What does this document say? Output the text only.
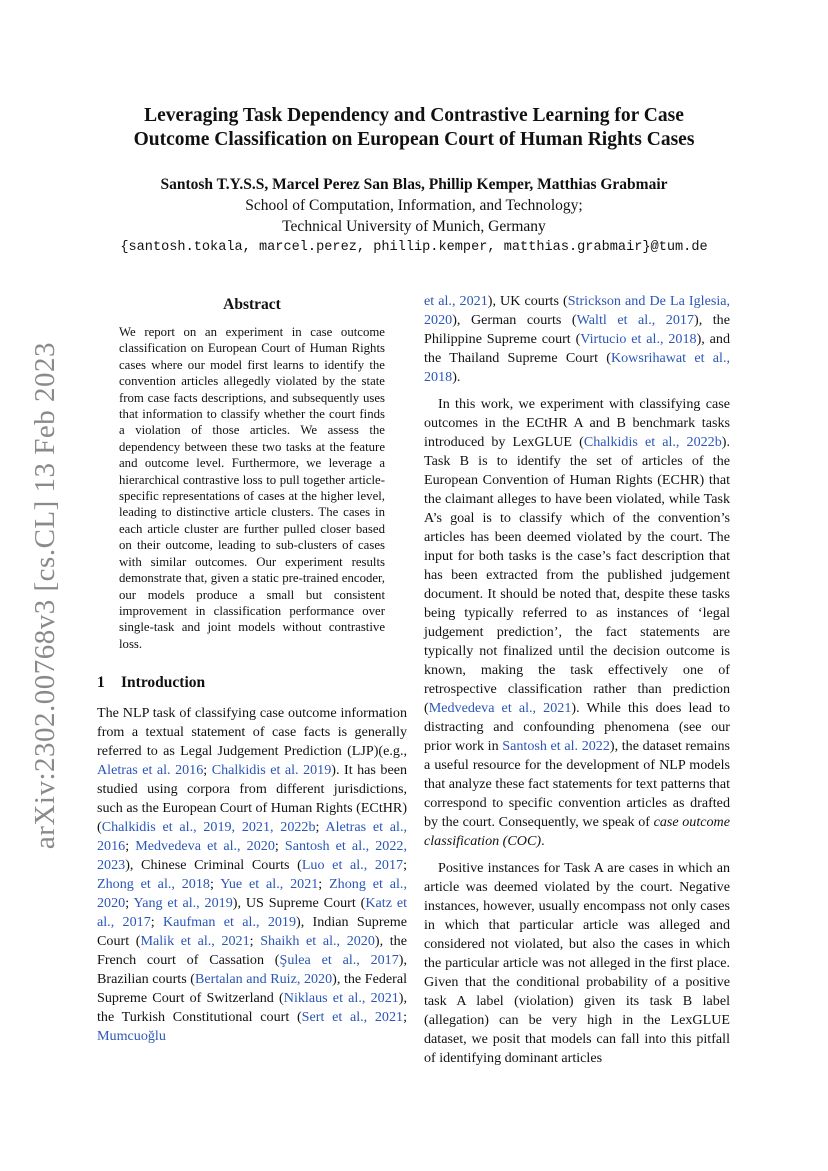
arXiv:2302.00768v3 [cs.CL] 13 Feb 2023
Leveraging Task Dependency and Contrastive Learning for Case
Outcome Classification on European Court of Human Rights Cases
Santosh T.Y.S.S, Marcel Perez San Blas, Phillip Kemper, Matthias Grabmair
School of Computation, Information, and Technology;
Technical University of Munich, Germany
{santosh.tokala, marcel.perez, phillip.kemper, matthias.grabmair}@tum.de
Abstract

We report on an experiment in case outcome classification on European Court of Human Rights cases where our model first learns to identify the convention articles allegedly violated by the state from case facts descriptions, and subsequently uses that information to classify whether the court finds a violation of those articles. We assess the dependency between these two tasks at the feature and outcome level. Furthermore, we leverage a hierarchical contrastive loss to pull together article-specific representations of cases at the higher level, leading to distinctive article clusters. The cases in each article cluster are further pulled closer based on their outcome, leading to sub-clusters of cases with similar outcomes. Our experiment results demonstrate that, given a static pre-trained encoder, our models produce a small but consistent improvement in classification performance over single-task and joint models without contrastive loss.

1 Introduction

The NLP task of classifying case outcome information from a textual statement of case facts is generally referred to as Legal Judgement Prediction (LJP)(e.g., Aletras et al. 2016; Chalkidis et al. 2019). It has been studied using corpora from different jurisdictions, such as the European Court of Human Rights (ECtHR) (Chalkidis et al., 2019, 2021, 2022b; Aletras et al., 2016; Medvedeva et al., 2020; Santosh et al., 2022, 2023), Chinese Criminal Courts (Luo et al., 2017; Zhong et al., 2018; Yue et al., 2021; Zhong et al., 2020; Yang et al., 2019), US Supreme Court (Katz et al., 2017; Kaufman et al., 2019), Indian Supreme Court (Malik et al., 2021; Shaikh et al., 2020), the French court of Cassation (Şulea et al., 2017), Brazilian courts (Bertalan and Ruiz, 2020), the Federal Supreme Court of Switzerland (Niklaus et al., 2021), the Turkish Constitutional court (Sert et al., 2021; Mumcuoğlu

et al., 2021), UK courts (Strickson and De La Iglesia, 2020), German courts (Waltl et al., 2017), the Philippine Supreme court (Virtucio et al., 2018), and the Thailand Supreme Court (Kowsrihawat et al., 2018).

In this work, we experiment with classifying case outcomes in the ECtHR A and B benchmark tasks introduced by LexGLUE (Chalkidis et al., 2022b). Task B is to identify the set of articles of the European Convention of Human Rights (ECHR) that the claimant alleges to have been violated, while Task A’s goal is to classify which of the convention’s articles has been deemed violated by the court. The input for both tasks is the case’s fact description that has been extracted from the published judgement document. It should be noted that, despite these tasks being typically referred to as instances of ‘legal judgement prediction’, the fact statements are typically not finalized until the decision outcome is known, making the task effectively one of retrospective classification rather than prediction (Medvedeva et al., 2021). While this does lead to distracting and confounding phenomena (see our prior work in Santosh et al. 2022), the dataset remains a useful resource for the development of NLP models that analyze these fact statements for text patterns that correspond to specific convention articles as drafted by the court. Consequently, we speak of case outcome classification (COC).

Positive instances for Task A are cases in which an article was deemed violated by the court. Negative instances, however, usually encompass not only cases in which that particular article was alleged and considered not violated, but also the cases in which the particular article was not alleged in the first place. Given that the conditional probability of a positive task A label (violation) given its task B label (allegation) can be very high in the LexGLUE dataset, we posit that models can fall into this pitfall of identifying dominant articles
